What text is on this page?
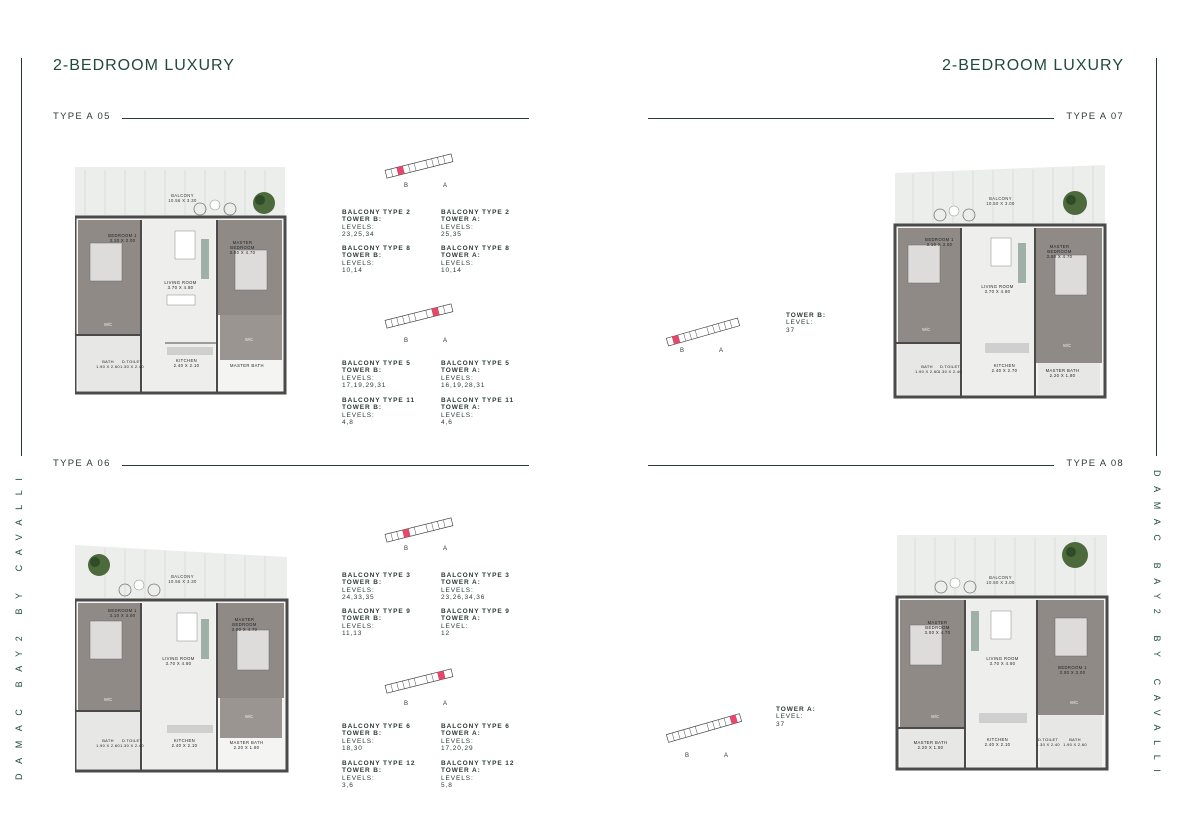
2-BEDROOM LUXURY	2-BEDROOM LUXURY
DAMAC BAY2 BY CAVALLI	DAMAC BAY2 BY CAVALLI
TYPE A 05
TYPE A 06
TYPE A 07
TYPE A 08
BALCONY
10.56 X 3.30
BEDROOM 1
3.10 X 3.00	MASTER BEDROOM
3.00 X 4.70
LIVING ROOM
3.70 X 4.80
W/C
W/C
KITCHEN
2.40 X 2.10
BATH
1.90 X 2.60
D.TOILET
1.30 X 2.40	MASTER BATH
B	A
B	A
BALCONY TYPE 2
TOWER B:
LEVELS:
23,25,34
BALCONY TYPE 2
TOWER A:
LEVELS:
25,35
BALCONY TYPE 8
TOWER B:
LEVELS:
10,14
BALCONY TYPE 8
TOWER A:
LEVELS:
10,14
BALCONY TYPE 5
TOWER B:
LEVELS:
17,19,29,31
BALCONY TYPE 5
TOWER A:
LEVELS:
16,19,28,31
BALCONY TYPE 11
TOWER B:
LEVELS:
4,8
BALCONY TYPE 11
TOWER A:
LEVELS:
4,6
BALCONY
10.56 X 3.30
BEDROOM 1
3.10 X 3.00
MASTER BEDROOM
3.00 X 4.70
LIVING ROOM
3.70 X 4.80
W/C
W/C
KITCHEN
2.40 X 2.10
BATH
1.90 X 2.60
D.TOILET
1.30 X 2.40
MASTER BATH
2.20 X 1.80
B	A
B	A
BALCONY TYPE 3
TOWER B:
LEVELS:
24,33,35
BALCONY TYPE 3
TOWER A:
LEVELS:
23,26,34,36
BALCONY TYPE 9
TOWER B:
LEVELS:
11,13
BALCONY TYPE 9
TOWER A:
LEVEL:
12
BALCONY TYPE 6
TOWER B:
LEVELS:
18,30
BALCONY TYPE 6
TOWER A:
LEVELS:
17,20,29
BALCONY TYPE 12
TOWER B:
LEVELS:
3,6
BALCONY TYPE 12
TOWER A:
LEVELS:
5,8
BALCONY
10.50 X 3.00
BEDROOM 1
3.10 X 3.00	MASTER BEDROOM
3.00 X 4.70
LIVING ROOM
3.70 X 4.80
W/C
W/C
KITCHEN
2.40 X 2.70
BATH
1.90 X 2.60
D.TOILET
1.30 X 2.40	MASTER BATH
2.20 X 1.80
B	A
TOWER B:
LEVEL:
37
BALCONY
10.50 X 3.00
MASTER BEDROOM
3.00 X 4.70
BEDROOM 1
3.00 X 3.00
LIVING ROOM
3.70 X 4.80
W/C
W/C
KITCHEN
2.40 X 2.10
MASTER BATH
2.20 X 1.80
D.TOILET
1.30 X 2.40
BATH
1.90 X 2.60
B	A
TOWER A:
LEVEL:
37
